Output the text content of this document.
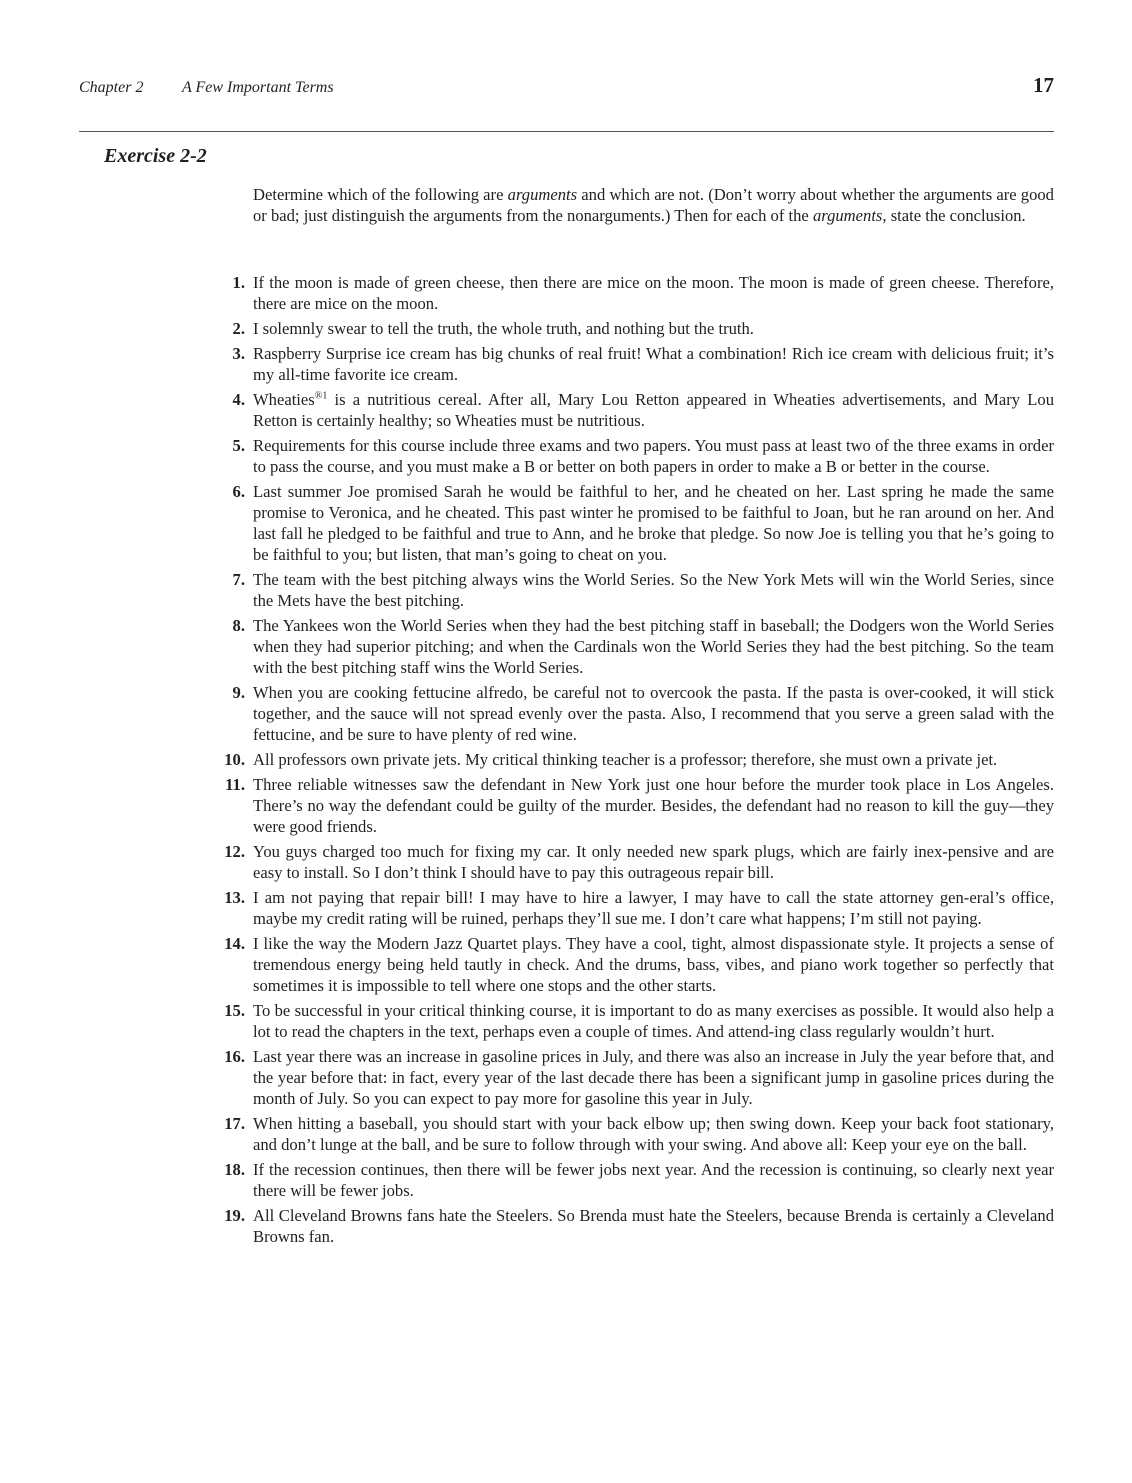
Chapter 2 A Few Important Terms	17
Exercise 2-2

Determine which of the following are arguments and which are not. (Don’t worry about whether the arguments are good or bad; just distinguish the arguments from the nonarguments.) Then for each of the arguments, state the conclusion.

1. If the moon is made of green cheese, then there are mice on the moon. The moon is made of green cheese. Therefore, there are mice on the moon.
2. I solemnly swear to tell the truth, the whole truth, and nothing but the truth.
3. Raspberry Surprise ice cream has big chunks of real fruit! What a combination! Rich ice cream with delicious fruit; it’s my all-time favorite ice cream.
4. Wheaties$^{®1}$ is a nutritious cereal. After all, Mary Lou Retton appeared in Wheaties advertisements, and Mary Lou Retton is certainly healthy; so Wheaties must be nutritious.
5. Requirements for this course include three exams and two papers. You must pass at least two of the three exams in order to pass the course, and you must make a B or better on both papers in order to make a B or better in the course.
6. Last summer Joe promised Sarah he would be faithful to her, and he cheated on her. Last spring he made the same promise to Veronica, and he cheated. This past winter he promised to be faithful to Joan, but he ran around on her. And last fall he pledged to be faithful and true to Ann, and he broke that pledge. So now Joe is telling you that he’s going to be faithful to you; but listen, that man’s going to cheat on you.
7. The team with the best pitching always wins the World Series. So the New York Mets will win the World Series, since the Mets have the best pitching.
8. The Yankees won the World Series when they had the best pitching staff in baseball; the Dodgers won the World Series when they had superior pitching; and when the Cardinals won the World Series they had the best pitching. So the team with the best pitching staff wins the World Series.
9. When you are cooking fettucine alfredo, be careful not to overcook the pasta. If the pasta is over-cooked, it will stick together, and the sauce will not spread evenly over the pasta. Also, I recommend that you serve a green salad with the fettucine, and be sure to have plenty of red wine.
10. All professors own private jets. My critical thinking teacher is a professor; therefore, she must own a private jet.
11. Three reliable witnesses saw the defendant in New York just one hour before the murder took place in Los Angeles. There’s no way the defendant could be guilty of the murder. Besides, the defendant had no reason to kill the guy—they were good friends.
12. You guys charged too much for fixing my car. It only needed new spark plugs, which are fairly inex-pensive and are easy to install. So I don’t think I should have to pay this outrageous repair bill.
13. I am not paying that repair bill! I may have to hire a lawyer, I may have to call the state attorney gen-eral’s office, maybe my credit rating will be ruined, perhaps they’ll sue me. I don’t care what happens; I’m still not paying.
14. I like the way the Modern Jazz Quartet plays. They have a cool, tight, almost dispassionate style. It projects a sense of tremendous energy being held tautly in check. And the drums, bass, vibes, and piano work together so perfectly that sometimes it is impossible to tell where one stops and the other starts.
15. To be successful in your critical thinking course, it is important to do as many exercises as possible. It would also help a lot to read the chapters in the text, perhaps even a couple of times. And attend-ing class regularly wouldn’t hurt.
16. Last year there was an increase in gasoline prices in July, and there was also an increase in July the year before that, and the year before that: in fact, every year of the last decade there has been a significant jump in gasoline prices during the month of July. So you can expect to pay more for gasoline this year in July.
17. When hitting a baseball, you should start with your back elbow up; then swing down. Keep your back foot stationary, and don’t lunge at the ball, and be sure to follow through with your swing. And above all: Keep your eye on the ball.
18. If the recession continues, then there will be fewer jobs next year. And the recession is continuing, so clearly next year there will be fewer jobs.
19. All Cleveland Browns fans hate the Steelers. So Brenda must hate the Steelers, because Brenda is certainly a Cleveland Browns fan.
